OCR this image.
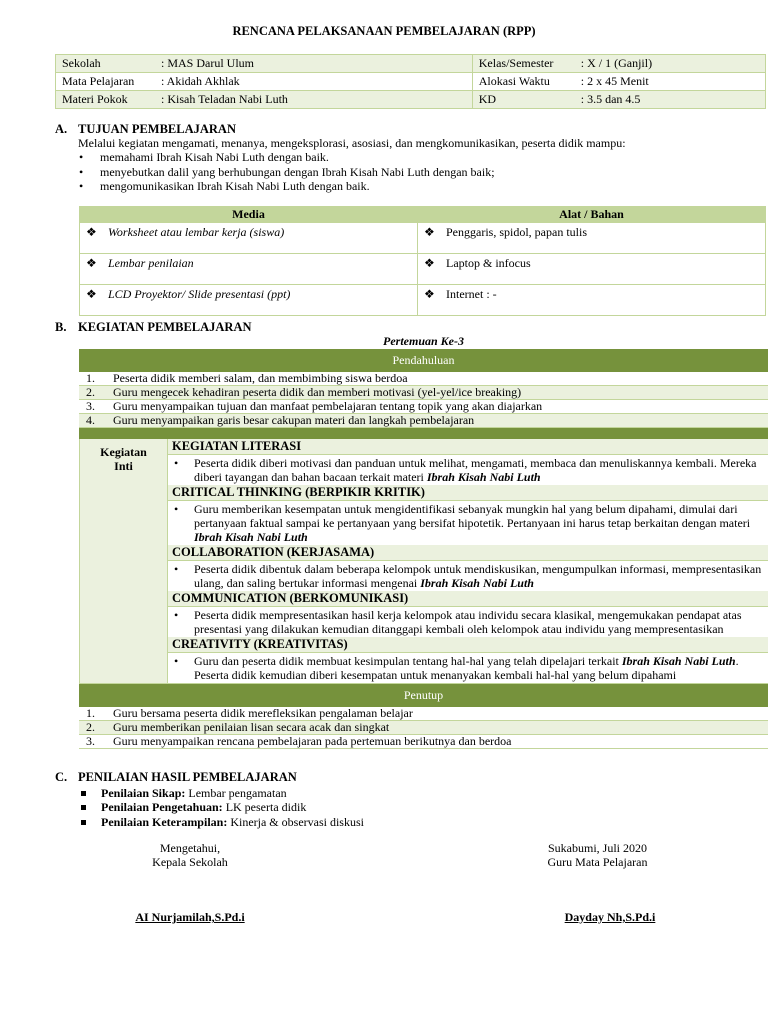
RENCANA PELAKSANAAN PEMBELAJARAN (RPP)
Sekolah	: MAS Darul Ulum	Kelas/Semester	: X / 1 (Ganjil)
Mata Pelajaran	: Akidah Akhlak	Alokasi Waktu	: 2 x 45 Menit
Materi Pokok	: Kisah Teladan Nabi Luth	KD	: 3.5 dan 4.5
A. TUJUAN PEMBELAJARAN
Melalui kegiatan mengamati, menanya, mengeksplorasi, asosiasi, dan mengkomunikasikan, peserta didik mampu:
• memahami Ibrah Kisah Nabi Luth dengan baik.
• menyebutkan dalil yang berhubungan dengan Ibrah Kisah Nabi Luth dengan baik;
• mengomunikasikan Ibrah Kisah Nabi Luth dengan baik.
Media	Alat / Bahan
❖ Worksheet atau lembar kerja (siswa)	❖ Penggaris, spidol, papan tulis
❖ Lembar penilaian	❖ Laptop & infocus
❖ LCD Proyektor/ Slide presentasi (ppt)	❖ Internet : -
B. KEGIATAN PEMBELAJARAN
Pertemuan Ke-3
Pendahuluan
1. Peserta didik memberi salam, dan membimbing siswa berdoa
2. Guru mengecek kehadiran peserta didik dan memberi motivasi (yel-yel/ice breaking)
3. Guru menyampaikan tujuan dan manfaat pembelajaran tentang topik yang akan diajarkan
4. Guru menyampaikan garis besar cakupan materi dan langkah pembelajaran
Kegiatan
Inti
KEGIATAN LITERASI
• Peserta didik diberi motivasi dan panduan untuk melihat, mengamati, membaca dan menuliskannya kembali. Mereka diberi tayangan dan bahan bacaan terkait materi Ibrah Kisah Nabi Luth
CRITICAL THINKING (BERPIKIR KRITIK)
• Guru memberikan kesempatan untuk mengidentifikasi sebanyak mungkin hal yang belum dipahami, dimulai dari pertanyaan faktual sampai ke pertanyaan yang bersifat hipotetik. Pertanyaan ini harus tetap berkaitan dengan materi Ibrah Kisah Nabi Luth
COLLABORATION (KERJASAMA)
• Peserta didik dibentuk dalam beberapa kelompok untuk mendiskusikan, mengumpulkan informasi, mempresentasikan ulang, dan saling bertukar informasi mengenai Ibrah Kisah Nabi Luth
COMMUNICATION (BERKOMUNIKASI)
• Peserta didik mempresentasikan hasil kerja kelompok atau individu secara klasikal, mengemukakan pendapat atas presentasi yang dilakukan kemudian ditanggapi kembali oleh kelompok atau individu yang mempresentasikan
CREATIVITY (KREATIVITAS)
• Guru dan peserta didik membuat kesimpulan tentang hal-hal yang telah dipelajari terkait Ibrah Kisah Nabi Luth. Peserta didik kemudian diberi kesempatan untuk menanyakan kembali hal-hal yang belum dipahami
Penutup
1. Guru bersama peserta didik merefleksikan pengalaman belajar
2. Guru memberikan penilaian lisan secara acak dan singkat
3. Guru menyampaikan rencana pembelajaran pada pertemuan berikutnya dan berdoa
C. PENILAIAN HASIL PEMBELAJARAN
Penilaian Sikap: Lembar pengamatan
Penilaian Pengetahuan: LK peserta didik
Penilaian Keterampilan: Kinerja & observasi diskusi
Mengetahui,
Kepala Sekolah
AI Nurjamilah,S.Pd.i
Sukabumi, Juli 2020
Guru Mata Pelajaran
Dayday Nh,S.Pd.i
